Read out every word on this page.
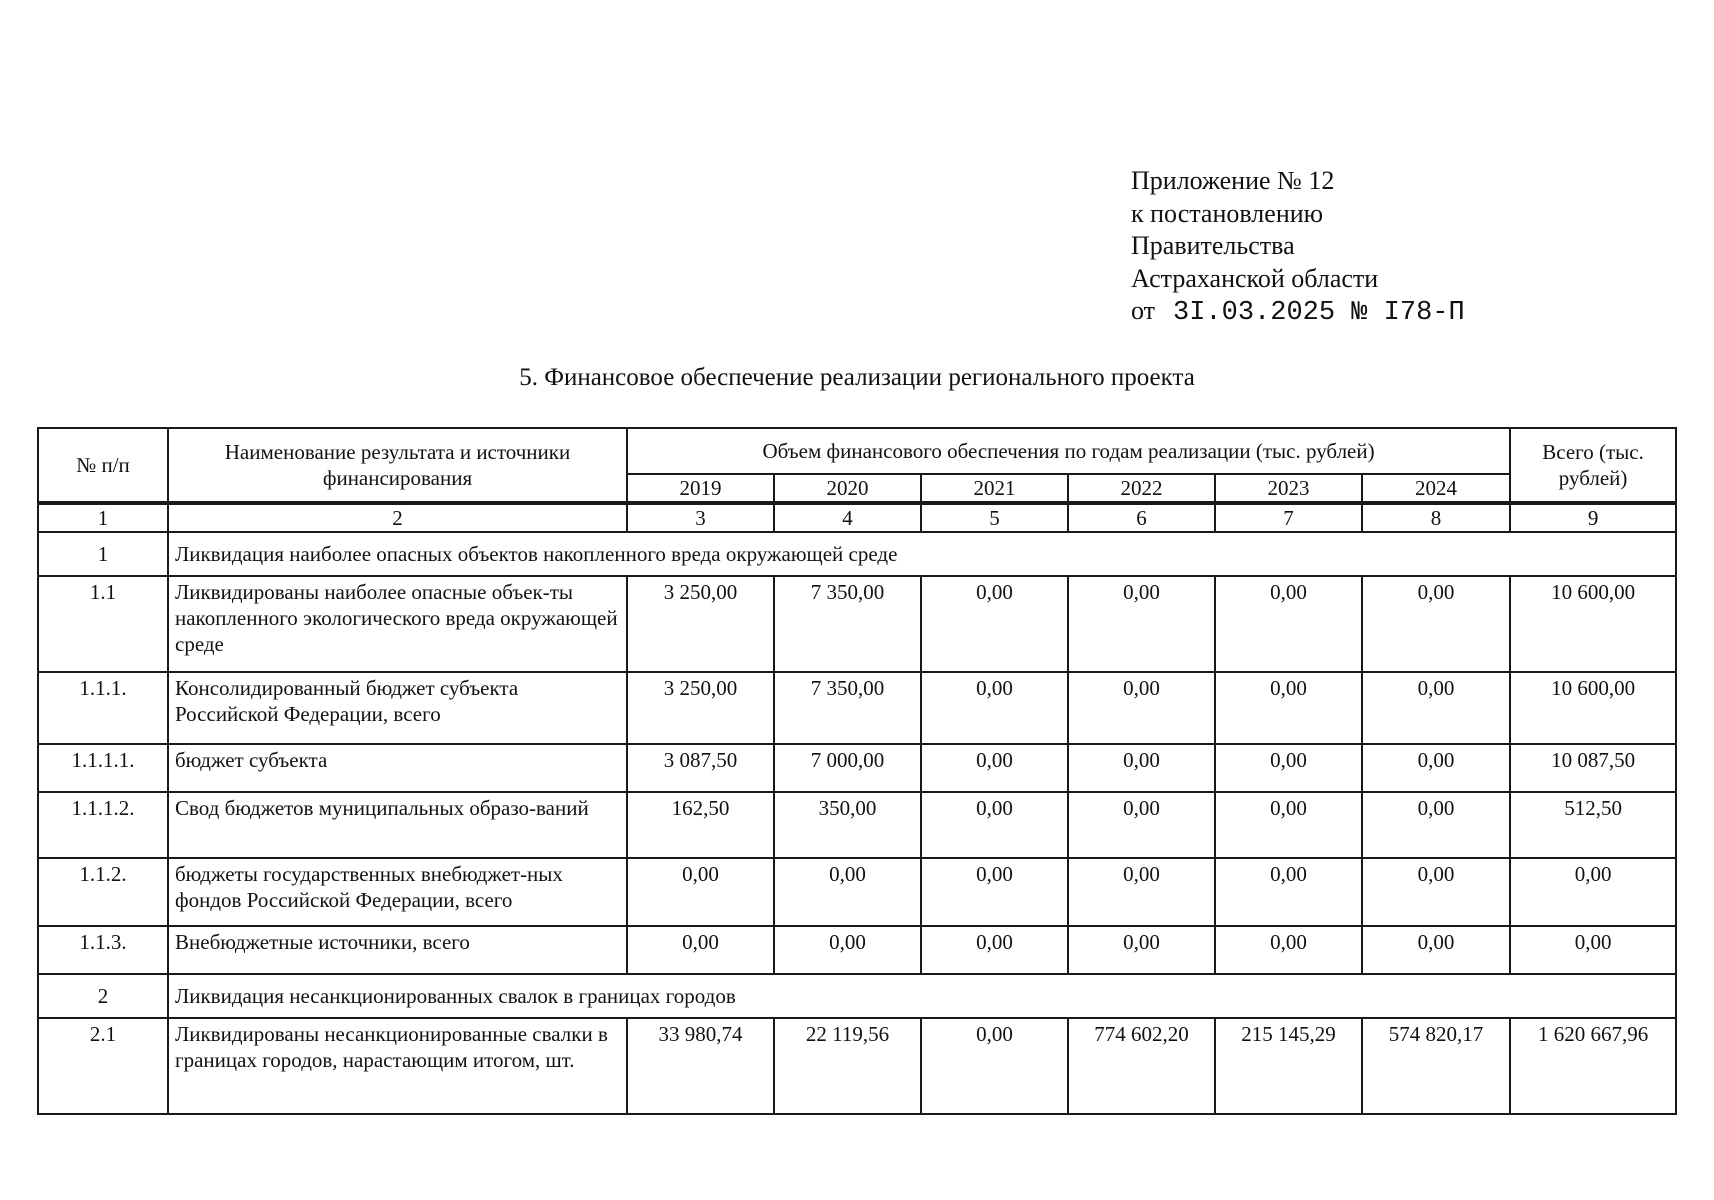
Приложение № 12
к постановлению
Правительства
Астраханской области
от 3I.03.2025 № I78-П
5. Финансовое обеспечение реализации регионального проекта
№ п/п	Наименование результата и источники финансирования	Объем финансового обеспечения по годам реализации (тыс. рублей)						Всего (тыс. рублей)
		2019	2020	2021	2022	2023	2024	
1	2	3	4	5	6	7	8	9
1	Ликвидация наиболее опасных объектов накопленного вреда окружающей среде							
1.1	Ликвидированы наиболее опасные объек-ты накопленного экологического вреда окружающей среде	3 250,00	7 350,00	0,00	0,00	0,00	0,00	10 600,00
1.1.1.	Консолидированный бюджет субъекта Российской Федерации, всего	3 250,00	7 350,00	0,00	0,00	0,00	0,00	10 600,00
1.1.1.1.	бюджет субъекта	3 087,50	7 000,00	0,00	0,00	0,00	0,00	10 087,50
1.1.1.2.	Свод бюджетов муниципальных образо-ваний	162,50	350,00	0,00	0,00	0,00	0,00	512,50
1.1.2.	бюджеты государственных внебюджет-ных фондов Российской Федерации, всего	0,00	0,00	0,00	0,00	0,00	0,00	0,00
1.1.3.	Внебюджетные источники, всего	0,00	0,00	0,00	0,00	0,00	0,00	0,00
2	Ликвидация несанкционированных свалок в границах городов							
2.1	Ликвидированы несанкционированные свалки в границах городов, нарастающим итогом, шт.	33 980,74	22 119,56	0,00	774 602,20	215 145,29	574 820,17	1 620 667,96
